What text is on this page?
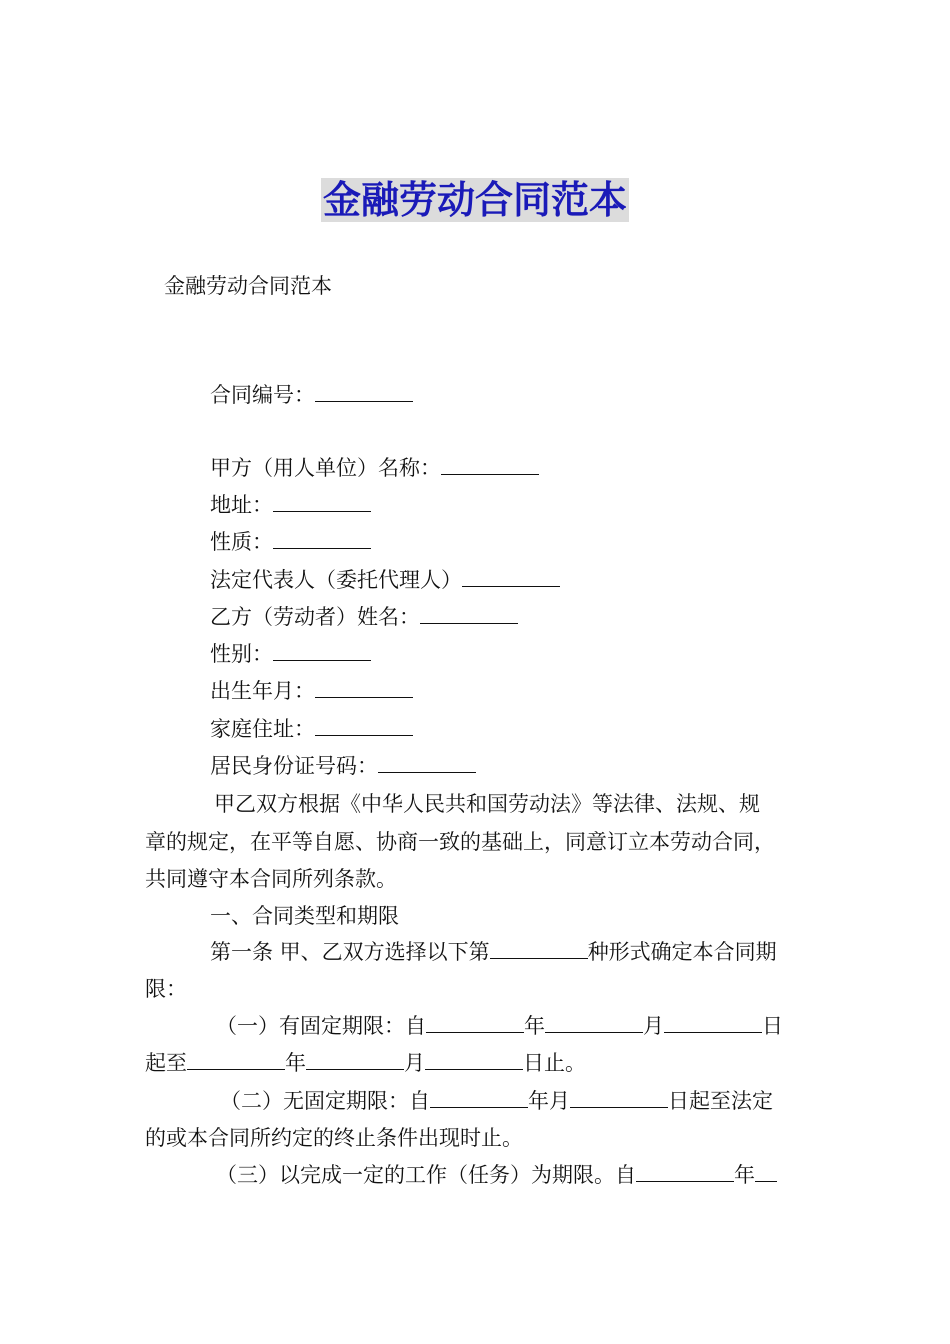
金融劳动合同范本
金融劳动合同范本
合同编号：
甲方（用人单位）名称：
地址：
性质：
法定代表人（委托代理人）
乙方（劳动者）姓名：
性别：
出生年月：
家庭住址：
居民身份证号码：
甲乙双方根据《中华人民共和国劳动法》等法律、法规、规
章的规定，在平等自愿、协商一致的基础上，同意订立本劳动合同，
共同遵守本合同所列条款。
一、合同类型和期限
第一条 甲、乙双方选择以下第	种形式确定本合同期
限：
（一）有固定期限：自	年	月	日
起至	年	月	日止。
（二）无固定期限：自	年月	日起至法定
的或本合同所约定的终止条件出现时止。
（三）以完成一定的工作（任务）为期限。自	年
